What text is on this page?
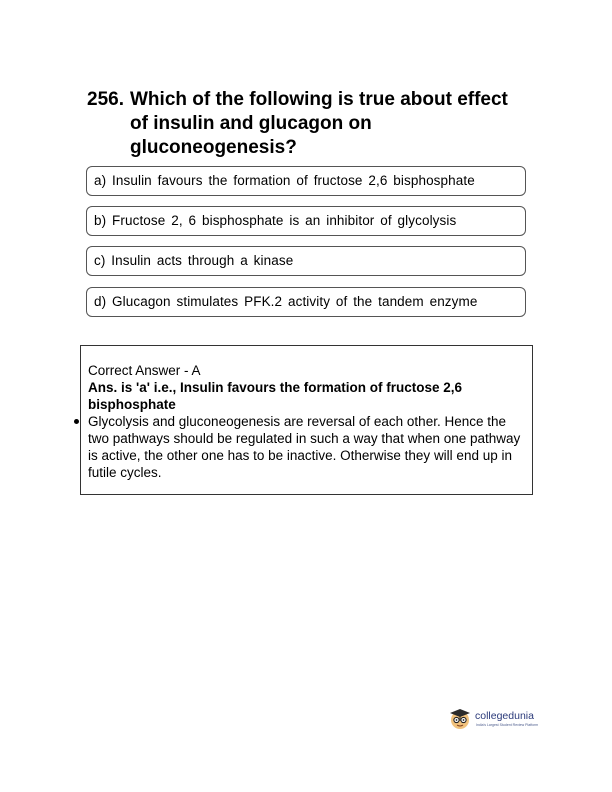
256. Which of the following is true about effect of insulin and glucagon on gluconeogenesis?
a) Insulin favours the formation of fructose 2,6 bisphosphate
b) Fructose 2, 6 bisphosphate is an inhibitor of glycolysis
c) Insulin acts through a kinase
d) Glucagon stimulates PFK.2 activity of the tandem enzyme
Correct Answer - A
Ans. is 'a' i.e., Insulin favours the formation of fructose 2,6 bisphosphate
Glycolysis and gluconeogenesis are reversal of each other. Hence the two pathways should be regulated in such a way that when one pathway is active, the other one has to be inactive. Otherwise they will end up in futile cycles.
collegedunia
India's Largest Student Review Platform
